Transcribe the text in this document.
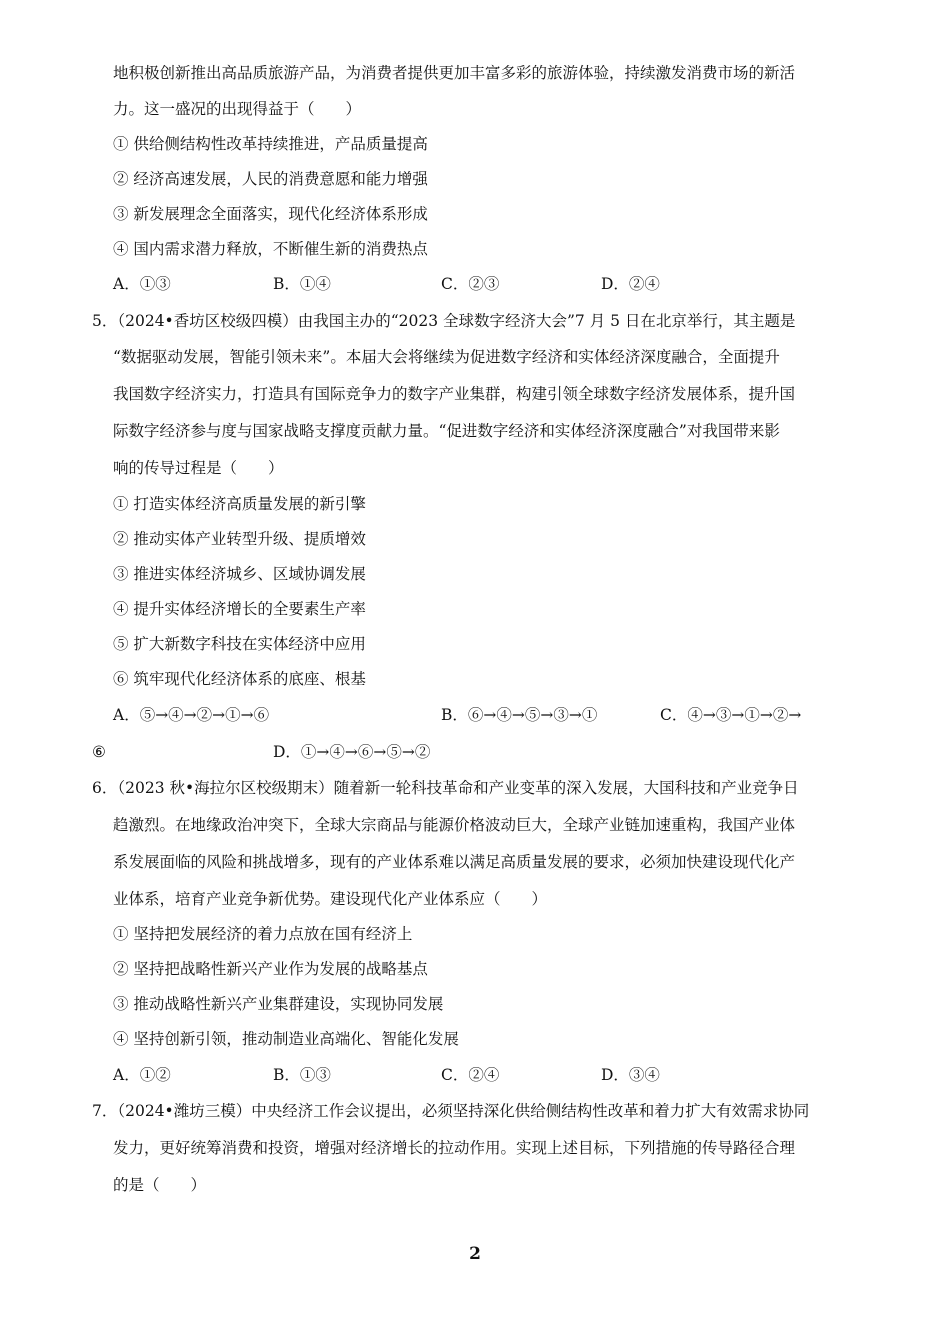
地积极创新推出高品质旅游产品，为消费者提供更加丰富多彩的旅游体验，持续激发消费市场的新活
力。这一盛况的出现得益于（　　）
① 供给侧结构性改革持续推进，产品质量提高
② 经济高速发展，人民的消费意愿和能力增强
③ 新发展理念全面落实，现代化经济体系形成
④ 国内需求潜力释放，不断催生新的消费热点
A．①③	B．①④	C．②③	D．②④
5．（2024•香坊区校级四模）由我国主办的“2023 全球数字经济大会”7 月 5 日在北京举行，其主题是
“数据驱动发展，智能引领未来”。本届大会将继续为促进数字经济和实体经济深度融合，全面提升
我国数字经济实力，打造具有国际竞争力的数字产业集群，构建引领全球数字经济发展体系，提升国
际数字经济参与度与国家战略支撑度贡献力量。“促进数字经济和实体经济深度融合”对我国带来影
响的传导过程是（　　）
① 打造实体经济高质量发展的新引擎
② 推动实体产业转型升级、提质增效
③ 推进实体经济城乡、区域协调发展
④ 提升实体经济增长的全要素生产率
⑤ 扩大新数字科技在实体经济中应用
⑥ 筑牢现代化经济体系的底座、根基
A．⑤→④→②→①→⑥	B．⑥→④→⑤→③→①	C．④→③→①→②→
⑥	D．①→④→⑥→⑤→②
6．（2023 秋•海拉尔区校级期末）随着新一轮科技革命和产业变革的深入发展，大国科技和产业竞争日
趋激烈。在地缘政治冲突下，全球大宗商品与能源价格波动巨大，全球产业链加速重构，我国产业体
系发展面临的风险和挑战增多，现有的产业体系难以满足高质量发展的要求，必须加快建设现代化产
业体系，培育产业竞争新优势。建设现代化产业体系应（　　）
① 坚持把发展经济的着力点放在国有经济上
② 坚持把战略性新兴产业作为发展的战略基点
③ 推动战略性新兴产业集群建设，实现协同发展
④ 坚持创新引领，推动制造业高端化、智能化发展
A．①②	B．①③	C．②④	D．③④
7．（2024•潍坊三模）中央经济工作会议提出，必须坚持深化供给侧结构性改革和着力扩大有效需求协同
发力，更好统筹消费和投资，增强对经济增长的拉动作用。实现上述目标，下列措施的传导路径合理
的是（　　）
2
